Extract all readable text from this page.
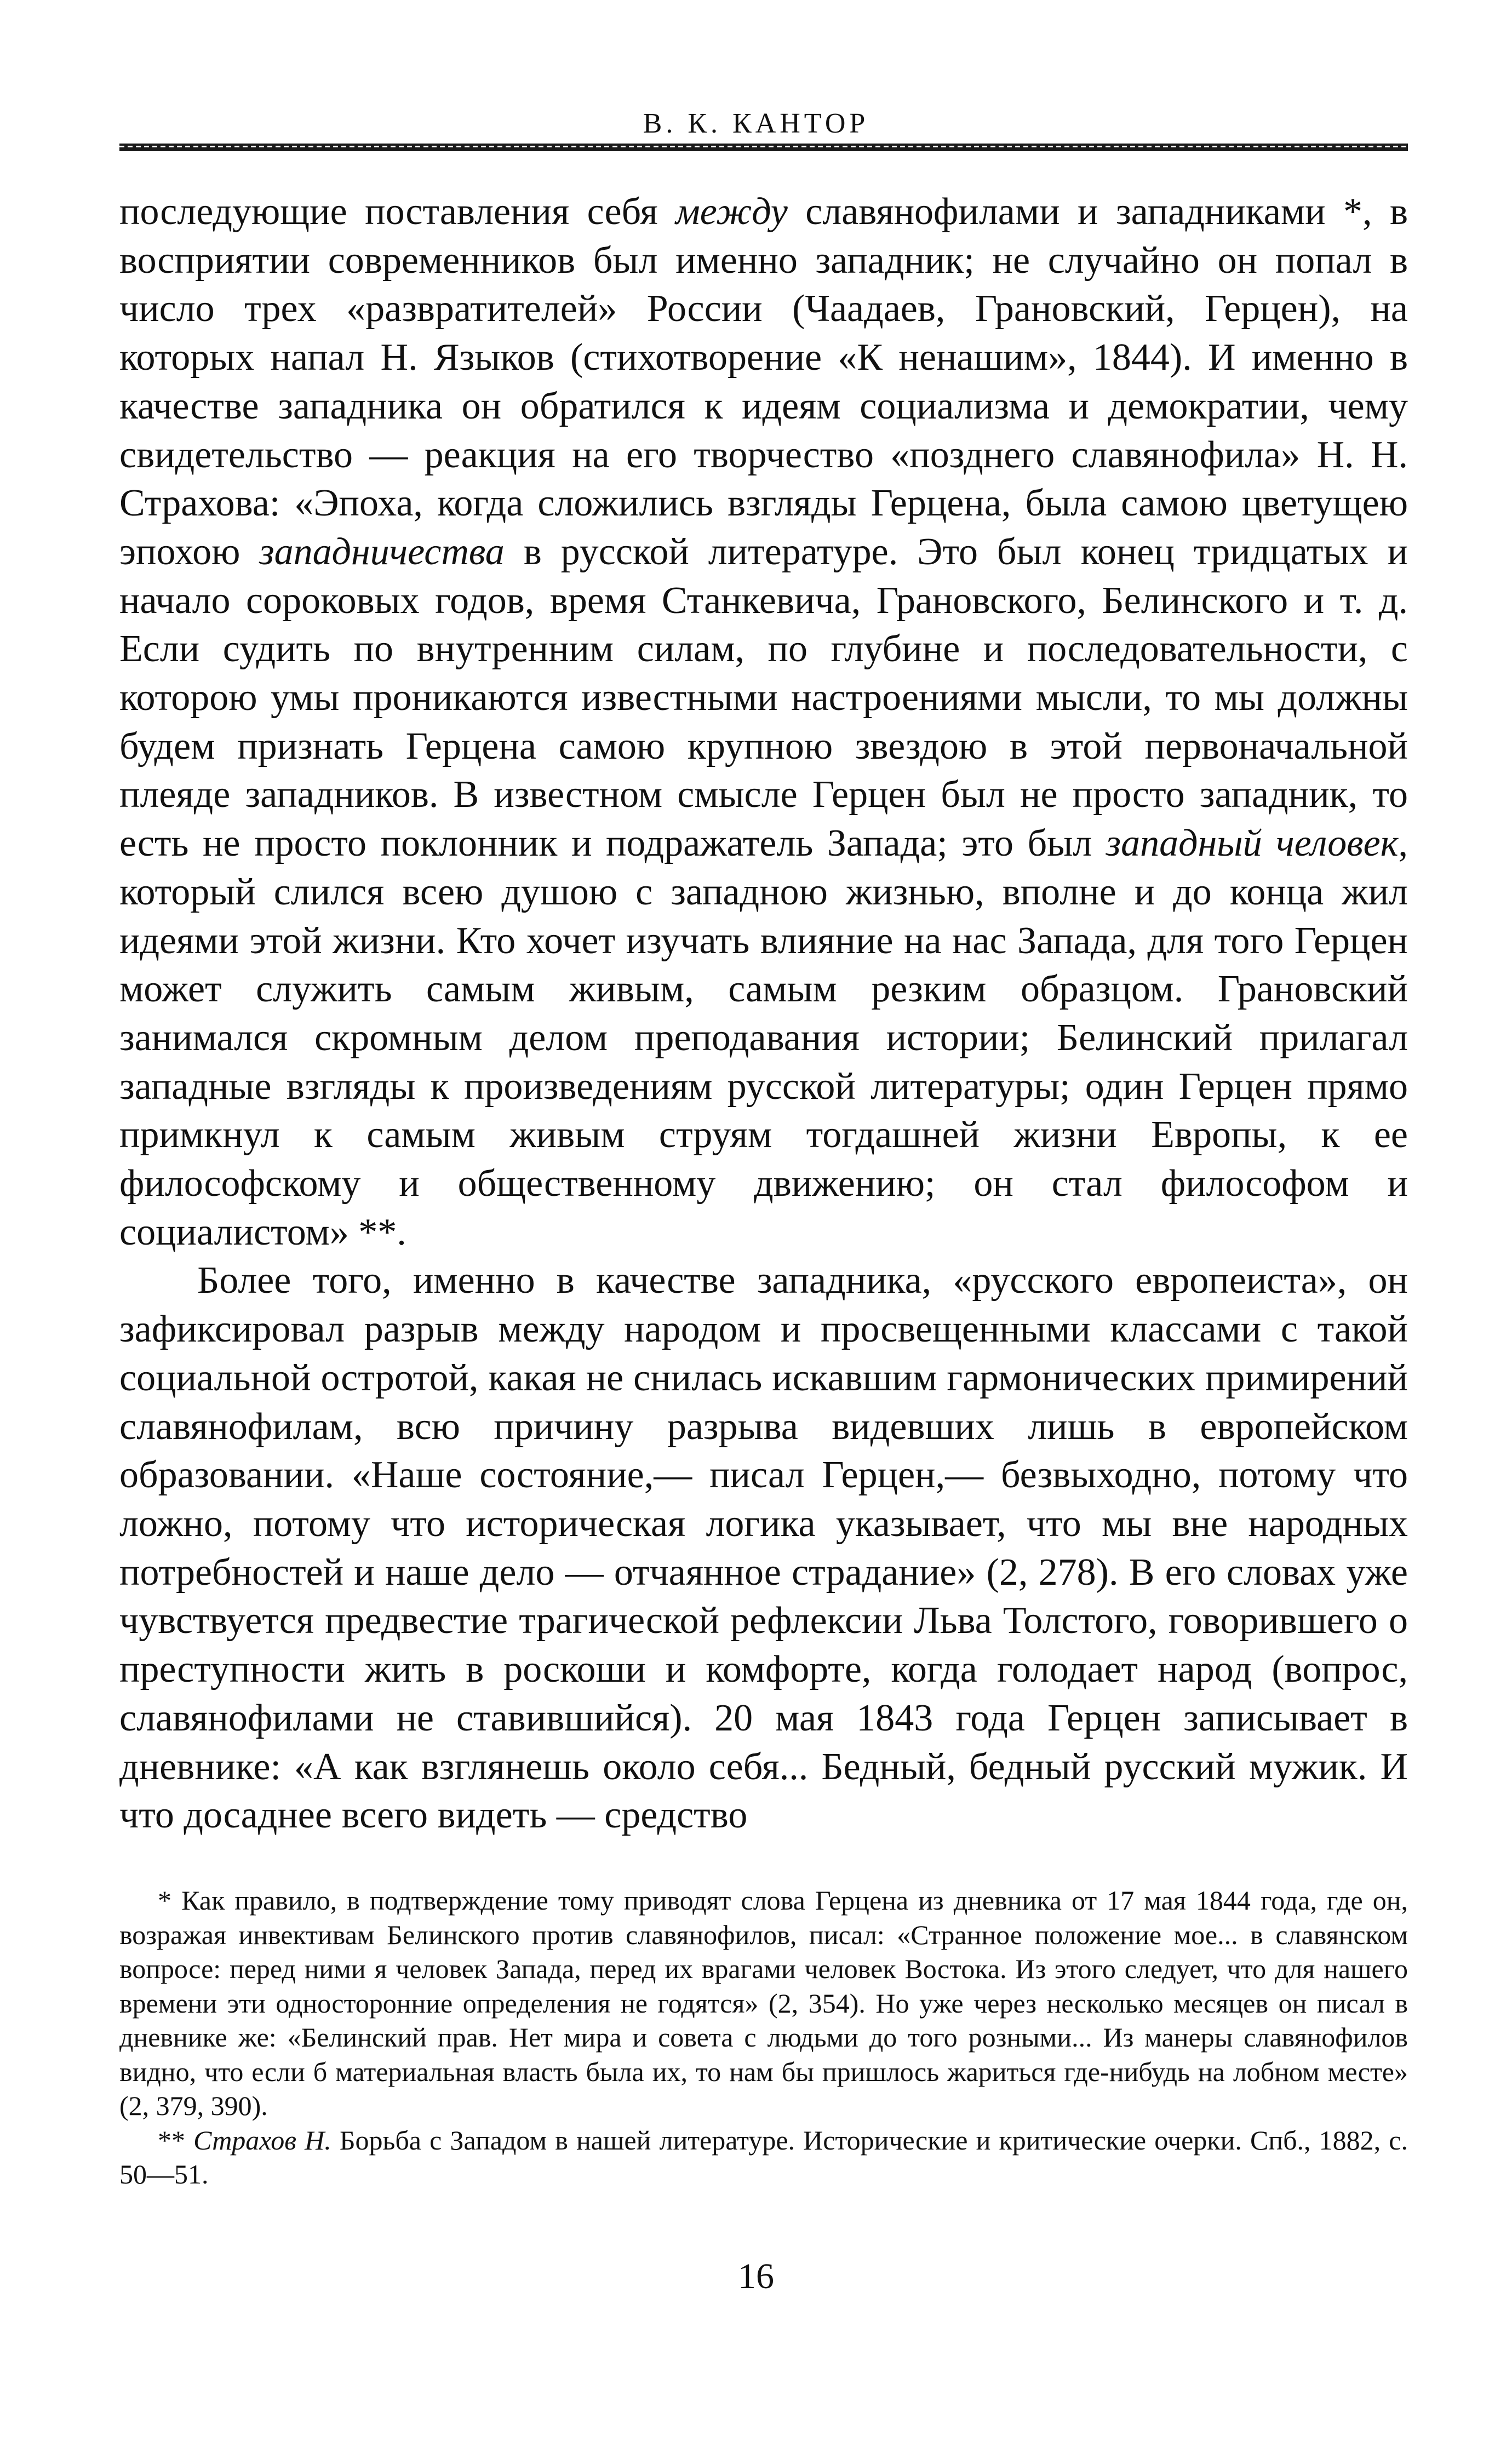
В. К. КАНТОР

последующие поставления себя между славянофилами и западниками *, в восприятии современников был именно западник; не случайно он попал в число трех «развратителей» России (Чаадаев, Грановский, Герцен), на которых напал Н. Языков (стихотворение «К ненашим», 1844). И именно в качестве западника он обратился к идеям социализма и демократии, чему свидетельство — реакция на его творчество «позднего славянофила» Н. Н. Страхова: «Эпоха, когда сложились взгляды Герцена, была самою цветущею эпохою западничества в русской литературе. Это был конец тридцатых и начало сороковых годов, время Станкевича, Грановского, Белинского и т. д. Если судить по внутренним силам, по глубине и последовательности, с которою умы проникаются известными настроениями мысли, то мы должны будем признать Герцена самою крупною звездою в этой первоначальной плеяде западников. В известном смысле Герцен был не просто западник, то есть не просто поклонник и подражатель Запада; это был западный человек, который слился всею душою с западною жизнью, вполне и до конца жил идеями этой жизни. Кто хочет изучать влияние на нас Запада, для того Герцен может служить самым живым, самым резким образцом. Грановский занимался скромным делом преподавания истории; Белинский прилагал западные взгляды к произведениям русской литературы; один Герцен прямо примкнул к самым живым струям тогдашней жизни Европы, к ее философскому и общественному движению; он стал философом и социалистом» **.

Более того, именно в качестве западника, «русского европеиста», он зафиксировал разрыв между народом и просвещенными классами с такой социальной остротой, какая не снилась искавшим гармонических примирений славянофилам, всю причину разрыва видевших лишь в европейском образовании. «Наше состояние,— писал Герцен,— безвыходно, потому что ложно, потому что историческая логика указывает, что мы вне народных потребностей и наше дело — отчаянное страдание» (2, 278). В его словах уже чувствуется предвестие трагической рефлексии Льва Толстого, говорившего о преступности жить в роскоши и комфорте, когда голодает народ (вопрос, славянофилами не ставившийся). 20 мая 1843 года Герцен записывает в дневнике: «А как взглянешь около себя... Бедный, бедный русский мужик. И что досаднее всего видеть — средство

* Как правило, в подтверждение тому приводят слова Герцена из дневника от 17 мая 1844 года, где он, возражая инвективам Белинского против славянофилов, писал: «Странное положение мое... в славянском вопросе: перед ними я человек Запада, перед их врагами человек Востока. Из этого следует, что для нашего времени эти односторонние определения не годятся» (2, 354). Но уже через несколько месяцев он писал в дневнике же: «Белинский прав. Нет мира и совета с людьми до того розными... Из манеры славянофилов видно, что если б материальная власть была их, то нам бы пришлось жариться где-нибудь на лобном месте» (2, 379, 390).

** Страхов Н. Борьба с Западом в нашей литературе. Исторические и критические очерки. Спб., 1882, с. 50—51.

16
